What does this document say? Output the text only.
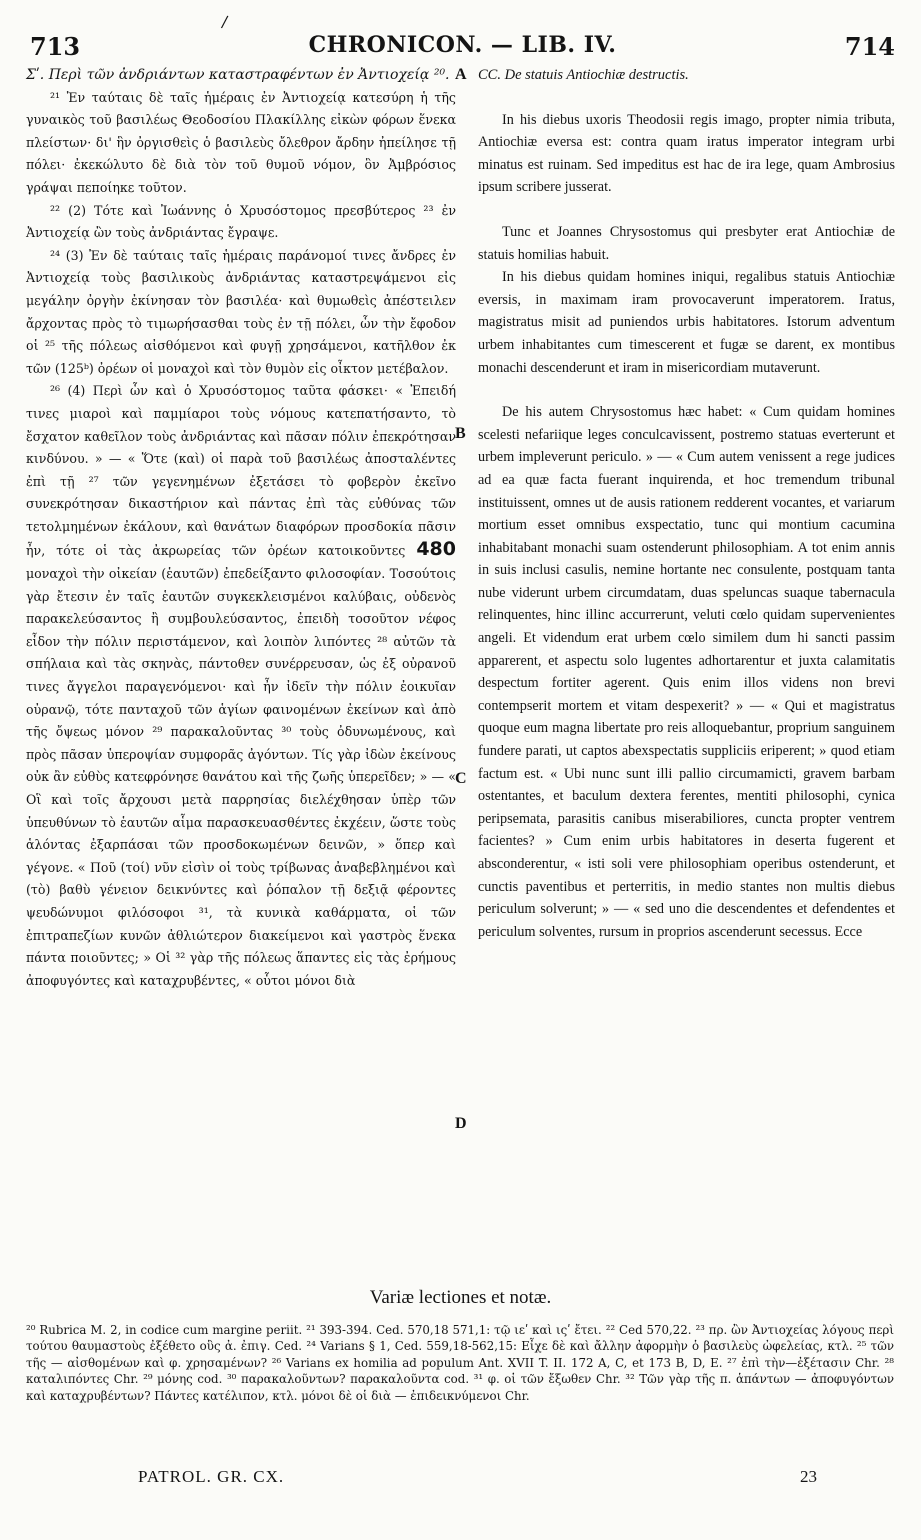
/
713	CHRONICON. — LIB. IV.	714

Σʹ. Περὶ τῶν ἀνδριάντων καταστραφέντων ἐν Ἀντιοχείᾳ ²⁰.

²¹ Ἐν ταύταις δὲ ταῖς ἡμέραις ἐν Ἀντιοχείᾳ κατεσύρη ἡ τῆς γυναικὸς τοῦ βασιλέως Θεοδοσίου Πλακίλλης εἰκὼν φόρων ἕνεκα πλείστων· δι' ἣν ὀργισθεὶς ὁ βασιλεὺς ὄλεθρον ἄρδην ἠπείλησε τῇ πόλει· ἐκεκώλυτο δὲ διὰ τὸν τοῦ θυμοῦ νόμον, ὃν Ἀμβρόσιος γράψαι πεποίηκε τοῦτον.

²² (2) Τότε καὶ Ἰωάννης ὁ Χρυσόστομος πρεσβύτερος ²³ ἐν Ἀντιοχείᾳ ὢν τοὺς ἀνδριάντας ἔγραψε.

²⁴ (3) Ἐν δὲ ταύταις ταῖς ἡμέραις παράνομοί τινες ἄνδρες ἐν Ἀντιοχείᾳ τοὺς βασιλικοὺς ἀνδριάντας καταστρεψάμενοι εἰς μεγάλην ὀργὴν ἐκίνησαν τὸν βασιλέα· καὶ θυμωθεὶς ἀπέστειλεν ἄρχοντας πρὸς τὸ τιμωρήσασθαι τοὺς ἐν τῇ πόλει, ὧν τὴν ἔφοδον οἱ ²⁵ τῆς πόλεως αἰσθόμενοι καὶ φυγῇ χρησάμενοι, κατῆλθον ἐκ τῶν (125ᵇ) ὀρέων οἱ μοναχοὶ καὶ τὸν θυμὸν εἰς οἶκτον μετέβαλον.

²⁶ (4) Περὶ ὧν καὶ ὁ Χρυσόστομος ταῦτα φάσκει· « Ἐπειδή τινες μιαροὶ καὶ παμμίαροι τοὺς νόμους κατεπατήσαντο, τὸ ἔσχατον καθεῖλον τοὺς ἀνδριάντας καὶ πᾶσαν πόλιν ἐπεκρότησαν κινδύνου. » — « Ὅτε (καὶ) οἱ παρὰ τοῦ βασιλέως ἀποσταλέντες ἐπὶ τῇ ²⁷ τῶν γεγενημένων ἐξετάσει τὸ φοβερὸν ἐκεῖνο συνεκρότησαν δικαστήριον καὶ πάντας ἐπὶ τὰς εὐθύνας τῶν τετολμημένων ἐκάλουν, καὶ θανάτων διαφόρων προσδοκία πᾶσιν ἦν, τότε οἱ τὰς ἀκρωρείας τῶν ὀρέων κατοικοῦντες 480 μοναχοὶ τὴν οἰκείαν (ἑαυτῶν) ἐπεδείξαντο φιλοσοφίαν. Τοσούτοις γὰρ ἔτεσιν ἐν ταῖς ἑαυτῶν συγκεκλεισμένοι καλύβαις, οὐδενὸς παρακελεύσαντος ἢ συμβουλεύσαντος, ἐπειδὴ τοσοῦτον νέφος εἶδον τὴν πόλιν περιστάμενον, καὶ λοιπὸν λιπόντες ²⁸ αὐτῶν τὰ σπήλαια καὶ τὰς σκηνὰς, πάντοθεν συνέρρευσαν, ὡς ἐξ οὐρανοῦ τινες ἄγγελοι παραγενόμενοι· καὶ ἦν ἰδεῖν τὴν πόλιν ἐοικυῖαν οὐρανῷ, τότε πανταχοῦ τῶν ἁγίων φαινομένων ἐκείνων καὶ ἀπὸ τῆς ὄψεως μόνον ²⁹ παρακαλοῦντας ³⁰ τοὺς ὀδυνωμένους, καὶ πρὸς πᾶσαν ὑπεροψίαν συμφορᾶς ἀγόντων. Τίς γὰρ ἰδὼν ἐκείνους οὐκ ἂν εὐθὺς κατεφρόνησε θανάτου καὶ τῆς ζωῆς ὑπερεῖδεν; » — « Οἳ καὶ τοῖς ἄρχουσι μετὰ παρρησίας διελέχθησαν ὑπὲρ τῶν ὑπευθύνων τὸ ἑαυτῶν αἷμα παρασκευασθέντες ἐκχέειν, ὥστε τοὺς ἁλόντας ἐξαρπάσαι τῶν προσδοκωμένων δεινῶν, » ὅπερ καὶ γέγονε. « Ποῦ (τοί) νῦν εἰσὶν οἱ τοὺς τρίβωνας ἀναβεβλημένοι καὶ (τὸ) βαθὺ γένειον δεικνύντες καὶ ῥόπαλον τῇ δεξιᾷ φέροντες ψευδώνυμοι φιλόσοφοι ³¹, τὰ κυνικὰ καθάρματα, οἱ τῶν ἐπιτραπεζίων κυνῶν ἀθλιώτερον διακείμενοι καὶ γαστρὸς ἕνεκα πάντα ποιοῦντες; » Οἱ ³² γὰρ τῆς πόλεως ἅπαντες εἰς τὰς ἐρήμους ἀποφυγόντες καὶ καταχρυβέντες, « οὗτοι μόνοι διὰ

A
B
C
D

CC. De statuis Antiochiæ destructis.

In his diebus uxoris Theodosii regis imago, propter nimia tributa, Antiochiæ eversa est: contra quam iratus imperator integram urbi minatus est ruinam. Sed impeditus est hac de ira lege, quam Ambrosius ipsum scribere jusserat.

Tunc et Joannes Chrysostomus qui presbyter erat Antiochiæ de statuis homilias habuit.

In his diebus quidam homines iniqui, regalibus statuis Antiochiæ eversis, in maximam iram provocaverunt imperatorem. Iratus, magistratus misit ad puniendos urbis habitatores. Istorum adventum urbem inhabitantes cum timescerent et fugæ se darent, ex montibus monachi descenderunt et iram in misericordiam mutaverunt.

De his autem Chrysostomus hæc habet: « Cum quidam homines scelesti nefariique leges conculcavissent, postremo statuas everterunt et urbem impleverunt periculo. » — « Cum autem venissent a rege judices ad ea quæ facta fuerant inquirenda, et hoc tremendum tribunal instituissent, omnes ut de ausis rationem redderent vocantes, et variarum mortium esset omnibus exspectatio, tunc qui montium cacumina inhabitabant monachi suam ostenderunt philosophiam. A tot enim annis in suis inclusi casulis, nemine hortante nec consulente, postquam tanta nube viderunt urbem circumdatam, duas speluncas suaque tabernacula relinquentes, hinc illinc accurrerunt, veluti cœlo quidam supervenientes angeli. Et videndum erat urbem cœlo similem dum hi sancti passim apparerent, et aspectu solo lugentes adhortarentur et juxta calamitatis despectum fortiter agerent. Quis enim illos videns non brevi contempserit mortem et vitam despexerit? » — « Qui et magistratus quoque eum magna libertate pro reis alloquebantur, proprium sanguinem fundere parati, ut captos abexspectatis suppliciis eriperent; » quod etiam factum est. « Ubi nunc sunt illi pallio circumamicti, gravem barbam ostentantes, et baculum dextera ferentes, mentiti philosophi, cynica peripsemata, parasitis canibus miserabiliores, cuncta propter ventrem facientes? » Cum enim urbis habitatores in deserta fugerent et absconderentur, « isti soli vere philosophiam operibus ostenderunt, et cunctis paventibus et perterritis, in medio stantes non multis diebus periculum solverunt; » — « sed uno die descendentes et defendentes et periculum solventes, rursum in proprios ascenderunt secessus. Ecce

Variæ lectiones et notæ.

²⁰ Rubrica M. 2, in codice cum margine periit. ²¹ 393-394. Ced. 570,18 571,1: τῷ ιεʹ καὶ ιςʹ ἔτει. ²² Ced 570,22. ²³ πρ. ὢν Ἀντιοχείας λόγους περὶ τούτου θαυμαστοὺς ἐξέθετο οὓς ἀ. ἐπιγ. Ced. ²⁴ Varians § 1, Ced. 559,18-562,15: Εἶχε δὲ καὶ ἄλλην ἀφορμὴν ὁ βασιλεὺς ὠφελείας, κτλ. ²⁵ τῶν τῆς — αἰσθομένων καὶ φ. χρησαμένων? ²⁶ Varians ex homilia ad populum Ant. XVII T. II. 172 A, C, et 173 B, D, E. ²⁷ ἐπὶ τὴν—ἐξέτασιν Chr. ²⁸ καταλιπόντες Chr. ²⁹ μόνης cod. ³⁰ παρακαλοῦντων? παρακαλοῦντα cod. ³¹ φ. οἱ τῶν ἔξωθεν Chr. ³² Τῶν γὰρ τῆς π. ἁπάντων — ἀποφυγόντων καὶ καταχρυβέντων? Πάντες κατέλιπον, κτλ. μόνοι δὲ οἱ διὰ — ἐπιδεικνύμενοι Chr.

PATROL. GR. CX.	23
